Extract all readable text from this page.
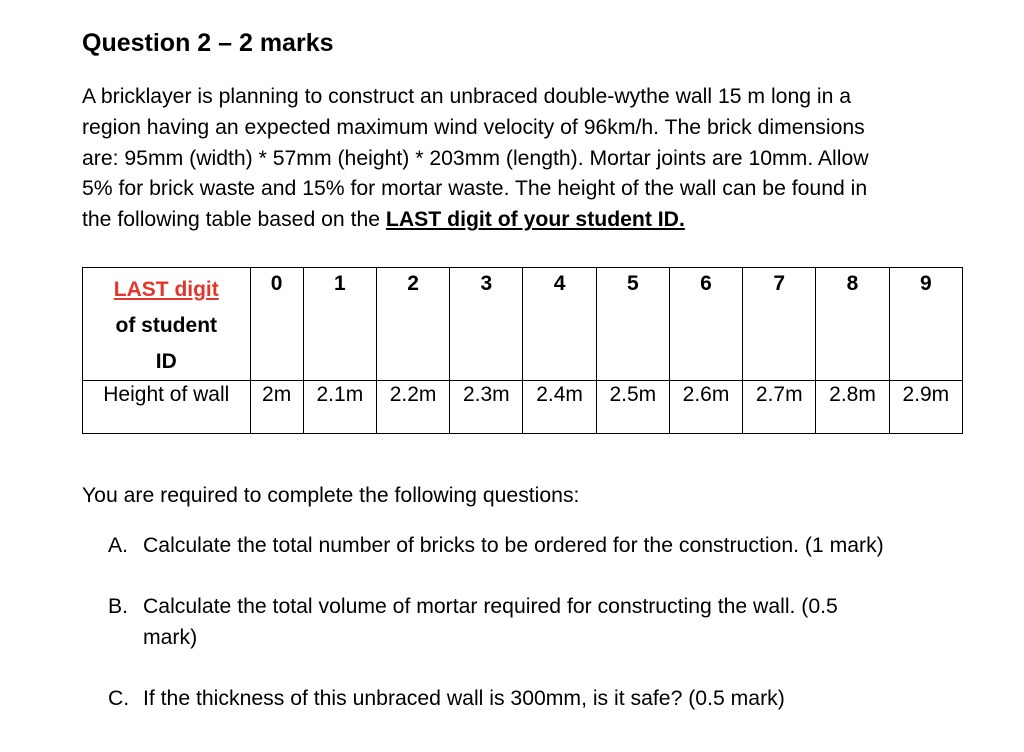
Question 2 – 2 marks

A bricklayer is planning to construct an unbraced double-wythe wall 15 m long in a
region having an expected maximum wind velocity of 96km/h. The brick dimensions
are: 95mm (width) * 57mm (height) * 203mm (length). Mortar joints are 10mm. Allow
5% for brick waste and 15% for mortar waste. The height of the wall can be found in
the following table based on the LAST digit of your student ID.

LAST digit
of student
ID	0	1	2	3	4	5	6	7	8	9
Height of wall	2m	2.1m	2.2m	2.3m	2.4m	2.5m	2.6m	2.7m	2.8m	2.9m

You are required to complete the following questions:

A. Calculate the total number of bricks to be ordered for the construction. (1 mark)
B. Calculate the total volume of mortar required for constructing the wall. (0.5
mark)
C. If the thickness of this unbraced wall is 300mm, is it safe? (0.5 mark)
